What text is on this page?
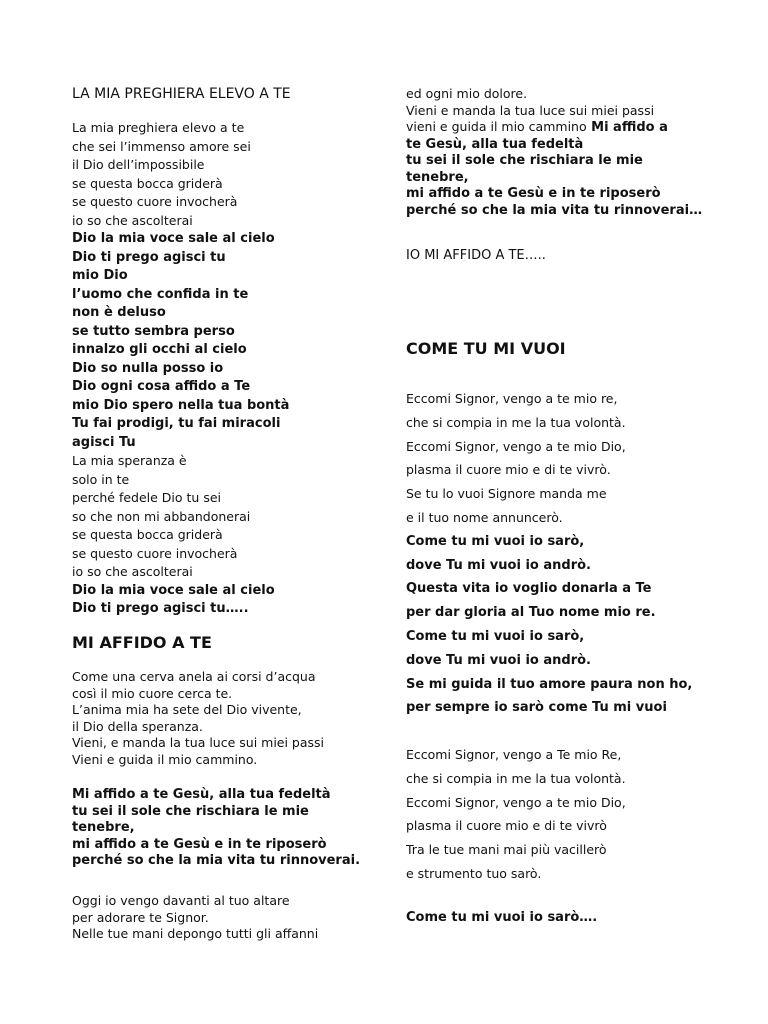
LA MIA PREGHIERA ELEVO A TE
La mia preghiera elevo a te
che sei l’immenso amore sei
il Dio dell’impossibile
se questa bocca griderà
se questo cuore invocherà
io so che ascolterai
Dio la mia voce sale al cielo
Dio ti prego agisci tu
mio Dio
l’uomo che confida in te
non è deluso
se tutto sembra perso
innalzo gli occhi al cielo
Dio so nulla posso io
Dio ogni cosa affido a Te
mio Dio spero nella tua bontà
Tu fai prodigi, tu fai miracoli
agisci Tu
La mia speranza è
solo in te
perché fedele Dio tu sei
so che non mi abbandonerai
se questa bocca griderà
se questo cuore invocherà
io so che ascolterai
Dio la mia voce sale al cielo
Dio ti prego agisci tu…..
MI AFFIDO A TE
Come una cerva anela ai corsi d’acqua
così il mio cuore cerca te.
L’anima mia ha sete del Dio vivente,
il Dio della speranza.
Vieni, e manda la tua luce sui miei passi
Vieni e guida il mio cammino.
Mi affido a te Gesù, alla tua fedeltà
tu sei il sole che rischiara le mie
tenebre,
mi affido a te Gesù e in te riposerò
perché so che la mia vita tu rinnoverai.
Oggi io vengo davanti al tuo altare
per adorare te Signor.
Nelle tue mani depongo tutti gli affanni
ed ogni mio dolore.
Vieni e manda la tua luce sui miei passi
vieni e guida il mio cammino Mi affido a
te Gesù, alla tua fedeltà
tu sei il sole che rischiara le mie
tenebre,
mi affido a te Gesù e in te riposerò
perché so che la mia vita tu rinnoverai…
IO MI AFFIDO A TE…..
COME TU MI VUOI
Eccomi Signor, vengo a te mio re,
che si compia in me la tua volontà.
Eccomi Signor, vengo a te mio Dio,
plasma il cuore mio e di te vivrò.
Se tu lo vuoi Signore manda me
e il tuo nome annuncerò.
Come tu mi vuoi io sarò,
dove Tu mi vuoi io andrò.
Questa vita io voglio donarla a Te
per dar gloria al Tuo nome mio re.
Come tu mi vuoi io sarò,
dove Tu mi vuoi io andrò.
Se mi guida il tuo amore paura non ho,
per sempre io sarò come Tu mi vuoi
Eccomi Signor, vengo a Te mio Re,
che si compia in me la tua volontà.
Eccomi Signor, vengo a te mio Dio,
plasma il cuore mio e di te vivrò
Tra le tue mani mai più vacillerò
e strumento tuo sarò.
Come tu mi vuoi io sarò….
